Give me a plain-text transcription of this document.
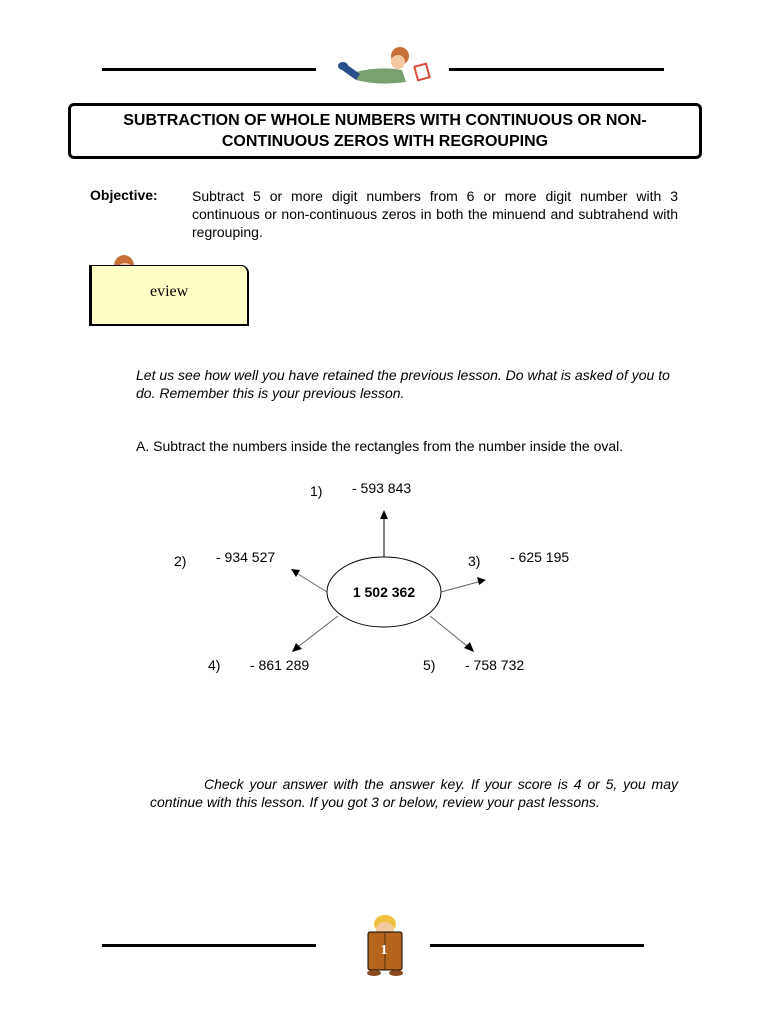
SUBTRACTION OF WHOLE NUMBERS WITH CONTINUOUS OR NON-CONTINUOUS ZEROS WITH REGROUPING
Objective: Subtract 5 or more digit numbers from 6 or more digit number with 3 continuous or non-continuous zeros in both the minuend and subtrahend with regrouping.
eview
Let us see how well you have retained the previous lesson. Do what is asked of you to do. Remember this is your previous lesson.
A. Subtract the numbers inside the rectangles from the number inside the oval.
1) - 593 843
2) - 934 527	3) - 625 195
4) - 861 289	5) - 758 732
1 502 362
Check your answer with the answer key. If your score is 4 or 5, you may continue with this lesson. If you got 3 or below, review your past lessons.
1
